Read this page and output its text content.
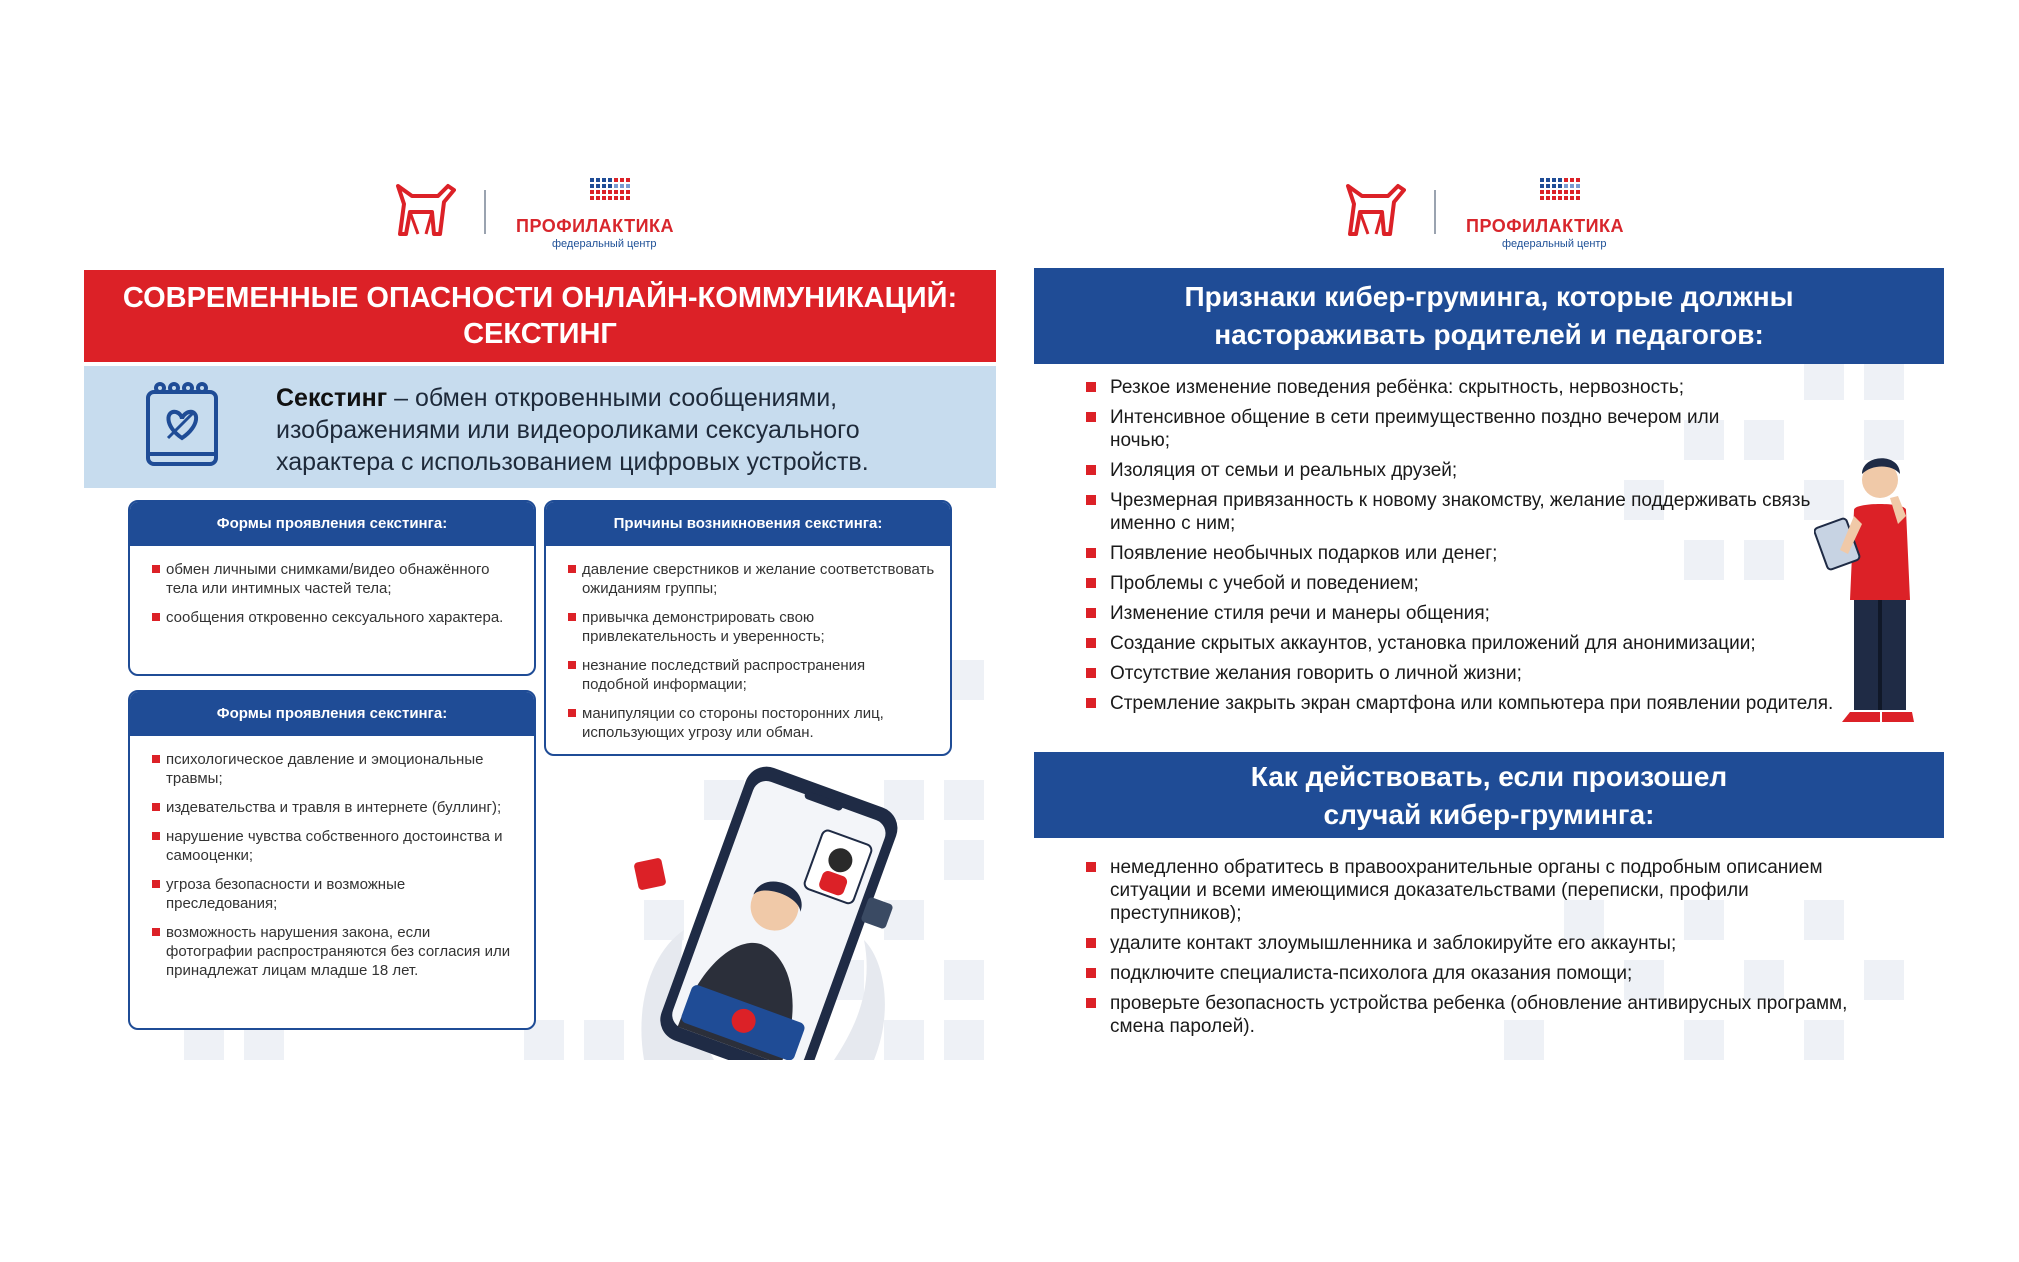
ПРОФИЛАКТИКА
федеральный центр
СОВРЕМЕННЫЕ ОПАСНОСТИ ОНЛАЙН-КОММУНИКАЦИЙ:
СЕКСТИНГ
Секстинг – обмен откровенными сообщениями, изображениями или видеороликами сексуального характера с использованием цифровых устройств.
Формы проявления секстинга:
обмен личными снимками/видео обнажённого тела или интимных частей тела;
сообщения откровенно сексуального характера.
Причины возникновения секстинга:
давление сверстников и желание соответствовать ожиданиям группы;
привычка демонстрировать свою привлекательность и уверенность;
незнание последствий распространения подобной информации;
манипуляции со стороны посторонних лиц, использующих угрозу или обман.
Формы проявления секстинга:
психологическое давление и эмоциональные травмы;
издевательства и травля в интернете (буллинг);
нарушение чувства собственного достоинства и самооценки;
угроза безопасности и возможные преследования;
возможность нарушения закона, если фотографии распространяются без согласия или принадлежат лицам младше 18 лет.
ПРОФИЛАКТИКА
федеральный центр
Признаки кибер-груминга, которые должны
настораживать родителей и педагогов:
Резкое изменение поведения ребёнка: скрытность, нервозность;
Интенсивное общение в сети преимущественно поздно вечером или ночью;
Изоляция от семьи и реальных друзей;
Чрезмерная привязанность к новому знакомству, желание поддерживать связь именно с ним;
Появление необычных подарков или денег;
Проблемы с учебой и поведением;
Изменение стиля речи и манеры общения;
Создание скрытых аккаунтов, установка приложений для анонимизации;
Отсутствие желания говорить о личной жизни;
Стремление закрыть экран смартфона или компьютера при появлении родителя.
Как действовать, если произошел
случай кибер-груминга:
немедленно обратитесь в правоохранительные органы с подробным описанием ситуации и всеми имеющимися доказательствами (переписки, профили преступников);
удалите контакт злоумышленника и заблокируйте его аккаунты;
подключите специалиста-психолога для оказания помощи;
проверьте безопасность устройства ребенка (обновление антивирусных программ, смена паролей).
